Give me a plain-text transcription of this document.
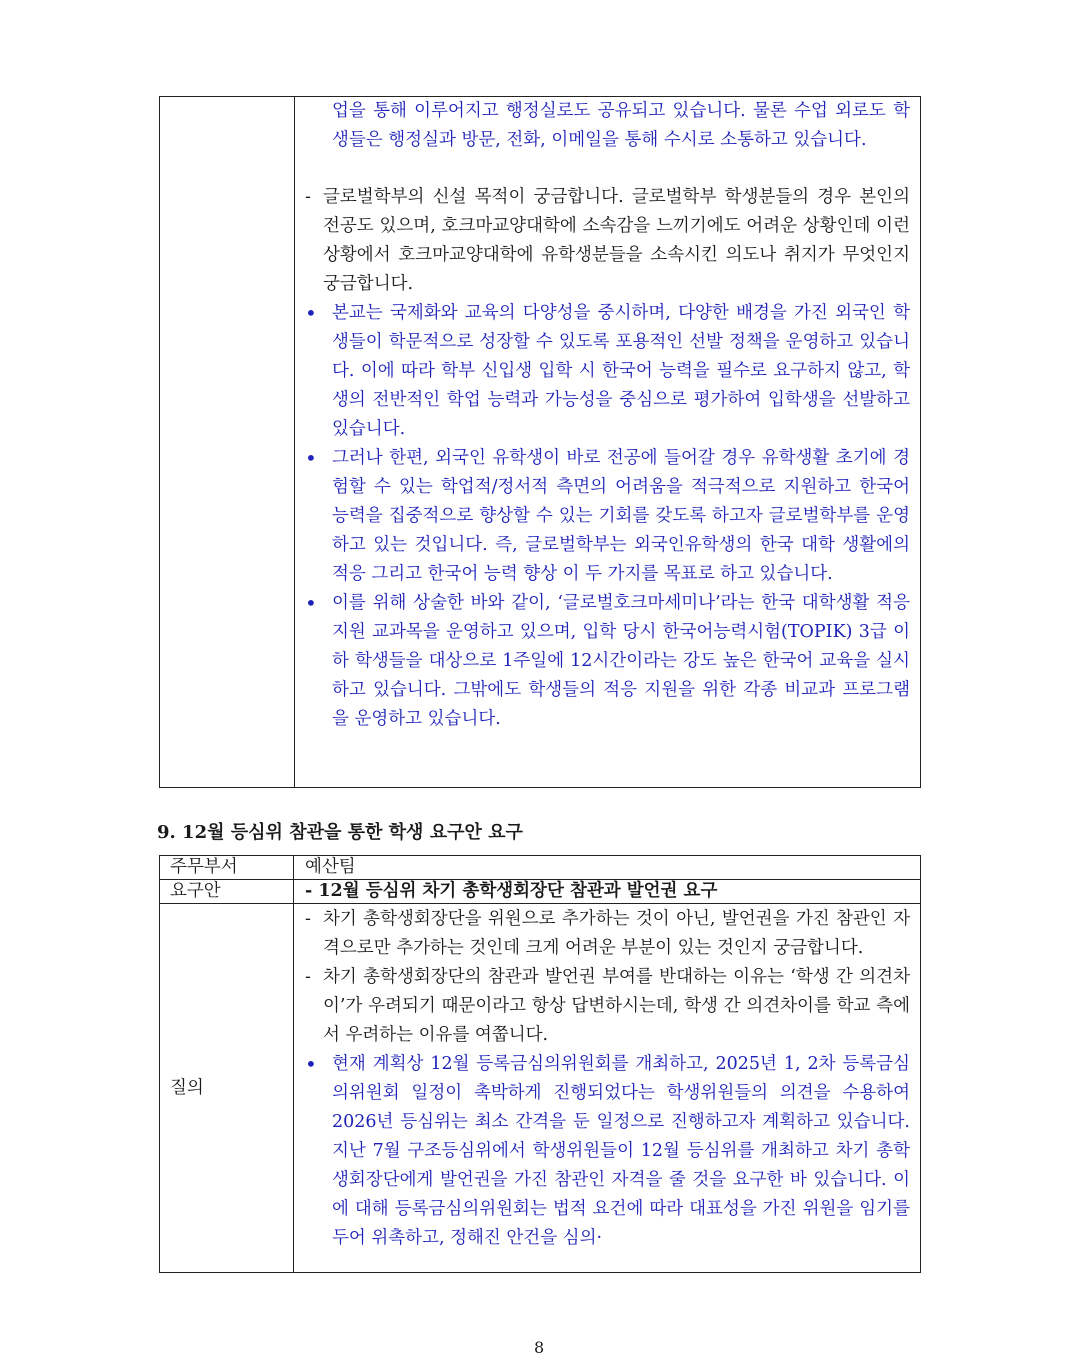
업을 통해 이루어지고 행정실로도 공유되고 있습니다. 물론 수업 외로도 학생들은 행정실과 방문, 전화, 이메일을 통해 수시로 소통하고 있습니다.
- 글로벌학부의 신설 목적이 궁금합니다. 글로벌학부 학생분들의 경우 본인의 전공도 있으며, 호크마교양대학에 소속감을 느끼기에도 어려운 상황인데 이런 상황에서 호크마교양대학에 유학생분들을 소속시킨 의도나 취지가 무엇인지 궁금합니다.
• 본교는 국제화와 교육의 다양성을 중시하며, 다양한 배경을 가진 외국인 학생들이 학문적으로 성장할 수 있도록 포용적인 선발 정책을 운영하고 있습니다. 이에 따라 학부 신입생 입학 시 한국어 능력을 필수로 요구하지 않고, 학생의 전반적인 학업 능력과 가능성을 중심으로 평가하여 입학생을 선발하고 있습니다.
• 그러나 한편, 외국인 유학생이 바로 전공에 들어갈 경우 유학생활 초기에 경험할 수 있는 학업적/정서적 측면의 어려움을 적극적으로 지원하고 한국어 능력을 집중적으로 향상할 수 있는 기회를 갖도록 하고자 글로벌학부를 운영하고 있는 것입니다. 즉, 글로벌학부는 외국인유학생의 한국 대학 생활에의 적응 그리고 한국어 능력 향상 이 두 가지를 목표로 하고 있습니다.
• 이를 위해 상술한 바와 같이, ‘글로벌호크마세미나’라는 한국 대학생활 적응 지원 교과목을 운영하고 있으며, 입학 당시 한국어능력시험(TOPIK) 3급 이하 학생들을 대상으로 1주일에 12시간이라는 강도 높은 한국어 교육을 실시하고 있습니다. 그밖에도 학생들의 적응 지원을 위한 각종 비교과 프로그램을 운영하고 있습니다.
9. 12월 등심위 참관을 통한 학생 요구안 요구
주무부서	예산팀
요구안	- 12월 등심위 차기 총학생회장단 참관과 발언권 요구
질의
- 차기 총학생회장단을 위원으로 추가하는 것이 아닌, 발언권을 가진 참관인 자격으로만 추가하는 것인데 크게 어려운 부분이 있는 것인지 궁금합니다.
- 차기 총학생회장단의 참관과 발언권 부여를 반대하는 이유는 ‘학생 간 의견차이’가 우려되기 때문이라고 항상 답변하시는데, 학생 간 의견차이를 학교 측에서 우려하는 이유를 여쭙니다.
• 현재 계획상 12월 등록금심의위원회를 개최하고, 2025년 1, 2차 등록금심의위원회 일정이 촉박하게 진행되었다는 학생위원들의 의견을 수용하여 2026년 등심위는 최소 간격을 둔 일정으로 진행하고자 계획하고 있습니다. 지난 7월 구조등심위에서 학생위원들이 12월 등심위를 개최하고 차기 총학생회장단에게 발언권을 가진 참관인 자격을 줄 것을 요구한 바 있습니다. 이에 대해 등록금심의위원회는 법적 요건에 따라 대표성을 가진 위원을 임기를 두어 위촉하고, 정해진 안건을 심의·
8
